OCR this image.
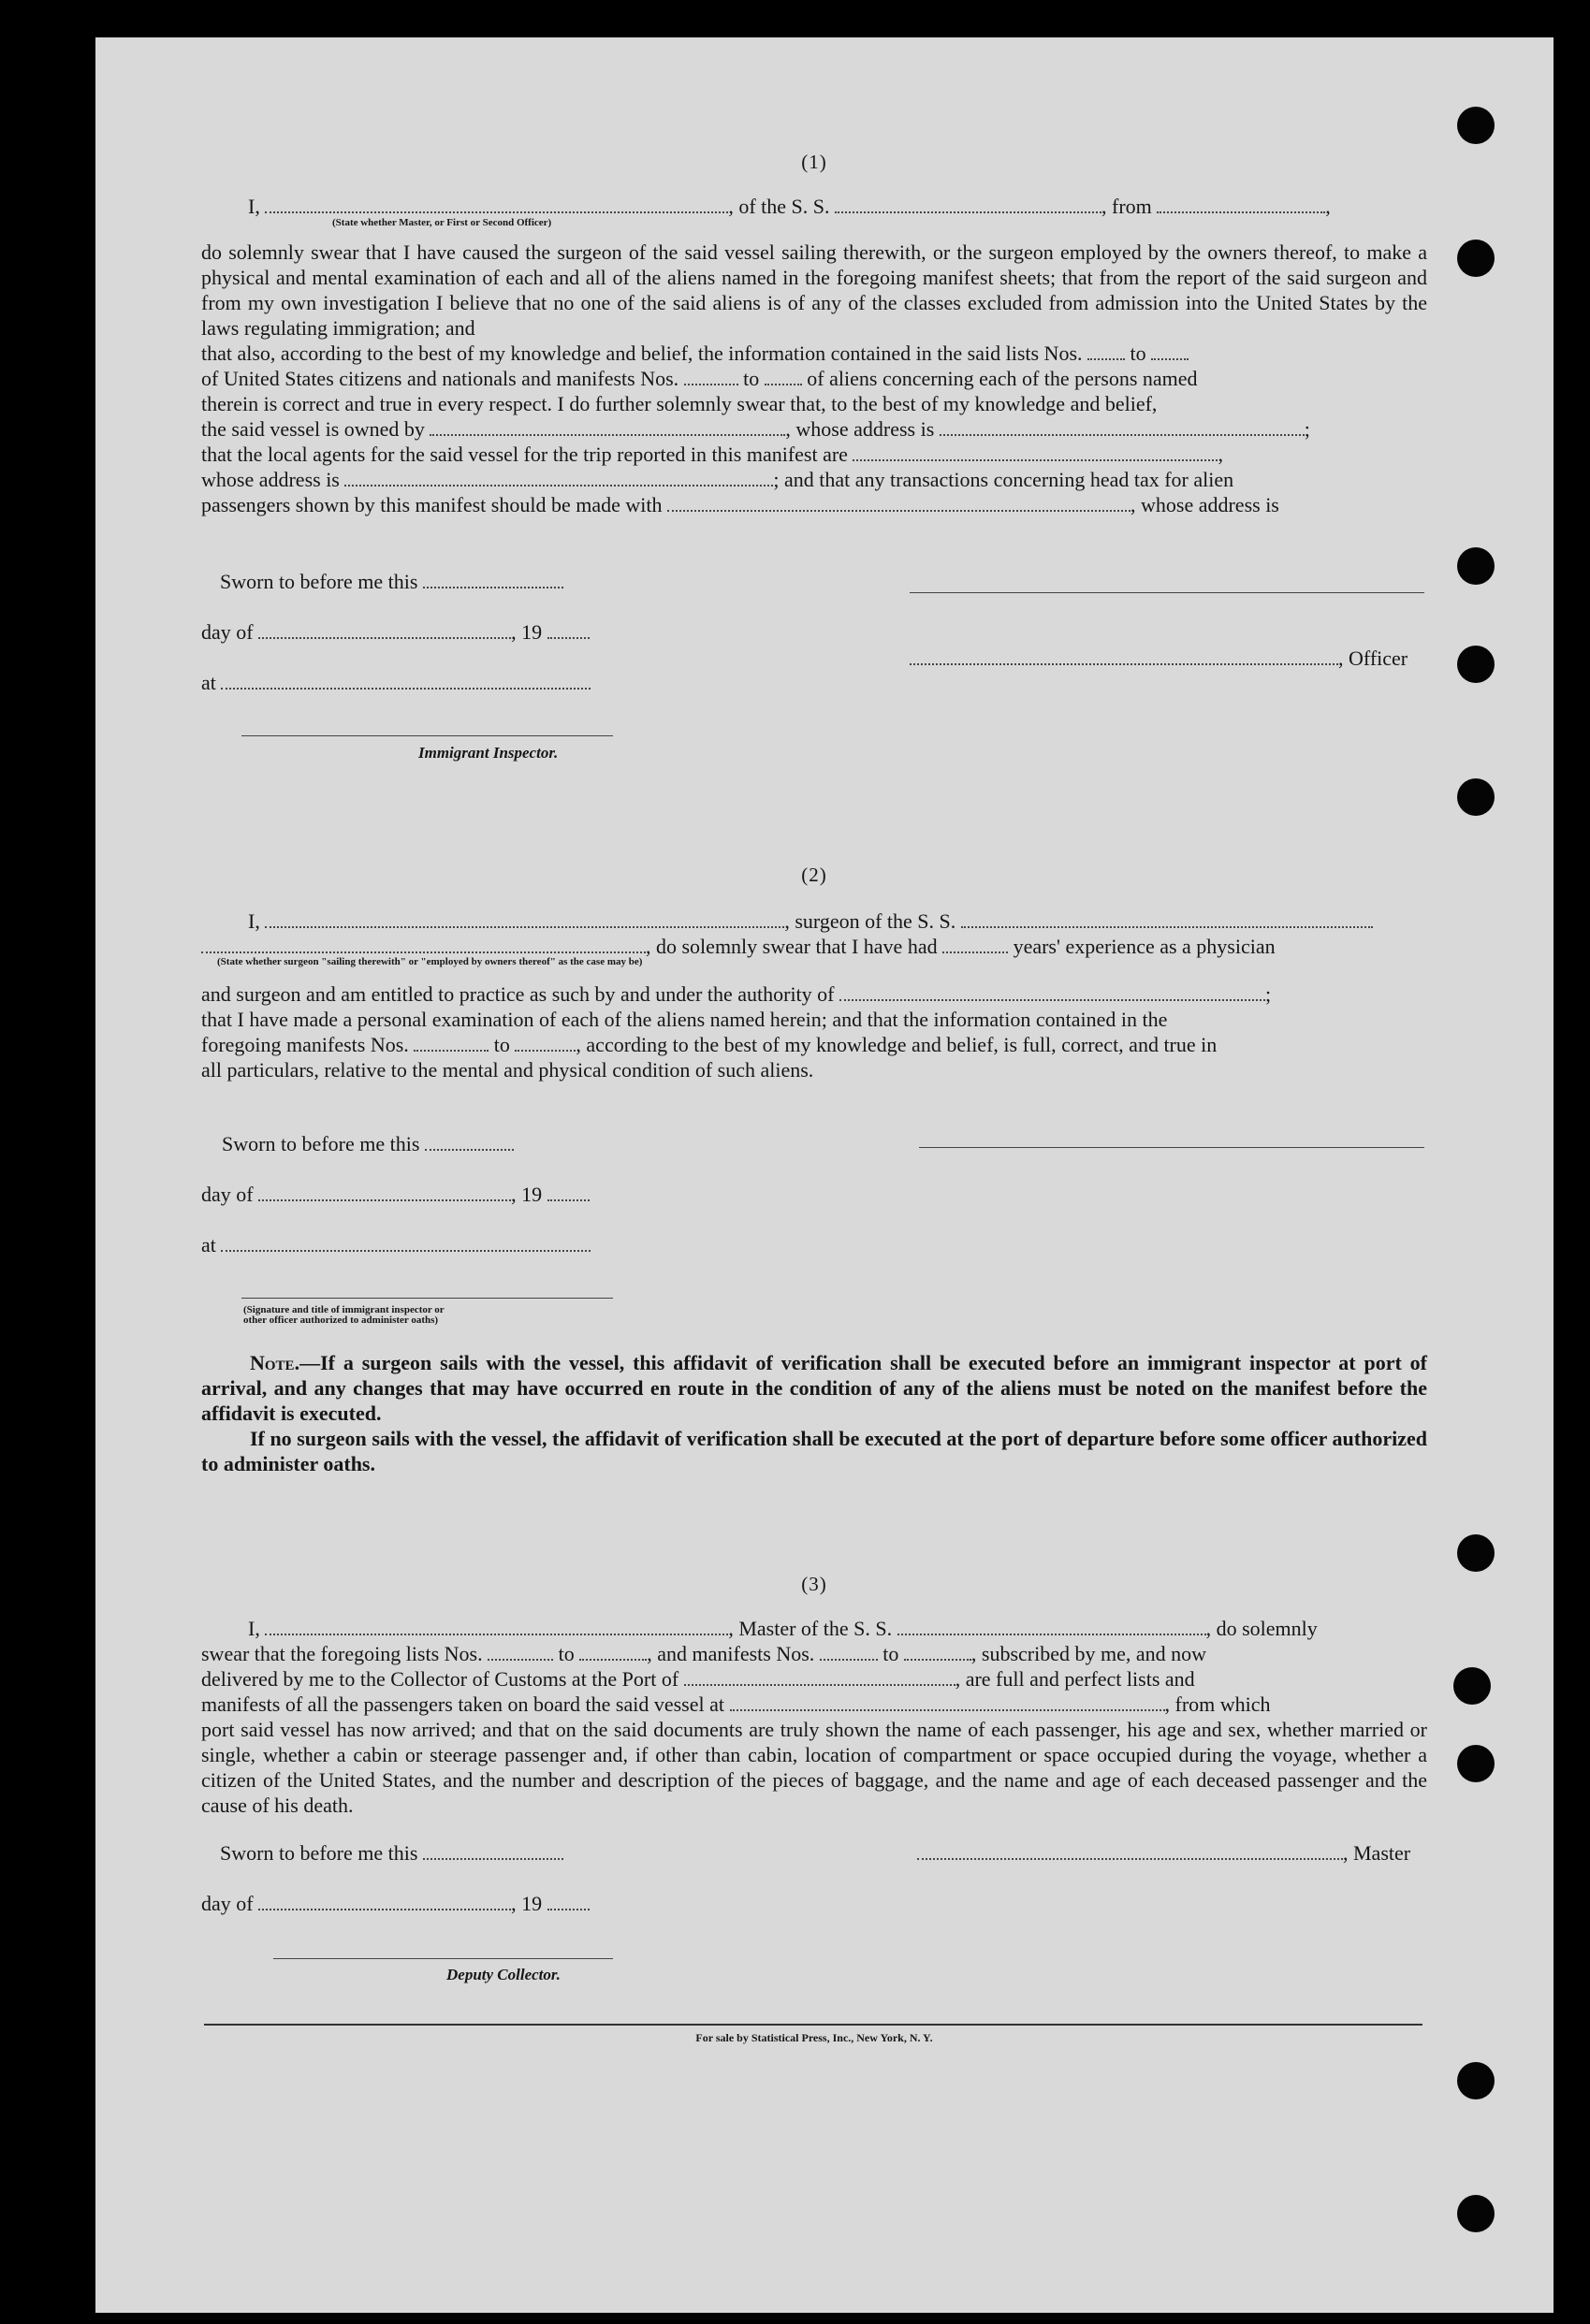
(1)
I,	, of the S. S.	, from	,
(State whether Master, or First or Second Officer)
do solemnly swear that I have caused the surgeon of the said vessel sailing therewith, or the surgeon employed by the owners thereof, to make a physical and mental examination of each and all of the aliens named in the foregoing manifest sheets; that from the report of the said surgeon and from my own investigation I believe that no one of the said aliens is of any of the classes excluded from admission into the United States by the laws regulating immigration; and
that also, according to the best of my knowledge and belief, the information contained in the said lists Nos. to
of United States citizens and nationals and manifests Nos.	to of aliens concerning each of the persons named
therein is correct and true in every respect. I do further solemnly swear that, to the best of my knowledge and belief,
the said vessel is owned by	, whose address is	;
that the local agents for the said vessel for the trip reported in this manifest are	,
whose address is	; and that any transactions concerning head tax for alien
passengers shown by this manifest should be made with	, whose address is
Sworn to before me this
day of	, 19
, Officer
at
Immigrant Inspector.
(2)
I,	, surgeon of the S. S.
, do solemnly swear that I have had	years' experience as a physician
(State whether surgeon "sailing therewith" or "employed by owners thereof" as the case may be)
and surgeon and am entitled to practice as such by and under the authority of	;
that I have made a personal examination of each of the aliens named herein; and that the information contained in the
foregoing manifests Nos.	to	, according to the best of my knowledge and belief, is full, correct, and true in
all particulars, relative to the mental and physical condition of such aliens.
Sworn to before me this
day of	, 19
at
(Signature and title of immigrant inspector or
other officer authorized to administer oaths)
Note.—If a surgeon sails with the vessel, this affidavit of verification shall be executed before an immigrant inspector at port of arrival, and any changes that may have occurred en route in the condition of any of the aliens must be noted on the manifest before the affidavit is executed.
If no surgeon sails with the vessel, the affidavit of verification shall be executed at the port of departure before some officer authorized to administer oaths.
(3)
I,	, Master of the S. S.	, do solemnly
swear that the foregoing lists Nos.	to	, and manifests Nos.	to	, subscribed by me, and now
delivered by me to the Collector of Customs at the Port of	, are full and perfect lists and
manifests of all the passengers taken on board the said vessel at	, from which
port said vessel has now arrived; and that on the said documents are truly shown the name of each passenger, his age and sex, whether married or single, whether a cabin or steerage passenger and, if other than cabin, location of compartment or space occupied during the voyage, whether a citizen of the United States, and the number and description of the pieces of baggage, and the name and age of each deceased passenger and the cause of his death.
Sworn to before me this	, Master
day of	, 19
Deputy Collector.
For sale by Statistical Press, Inc., New York, N. Y.
